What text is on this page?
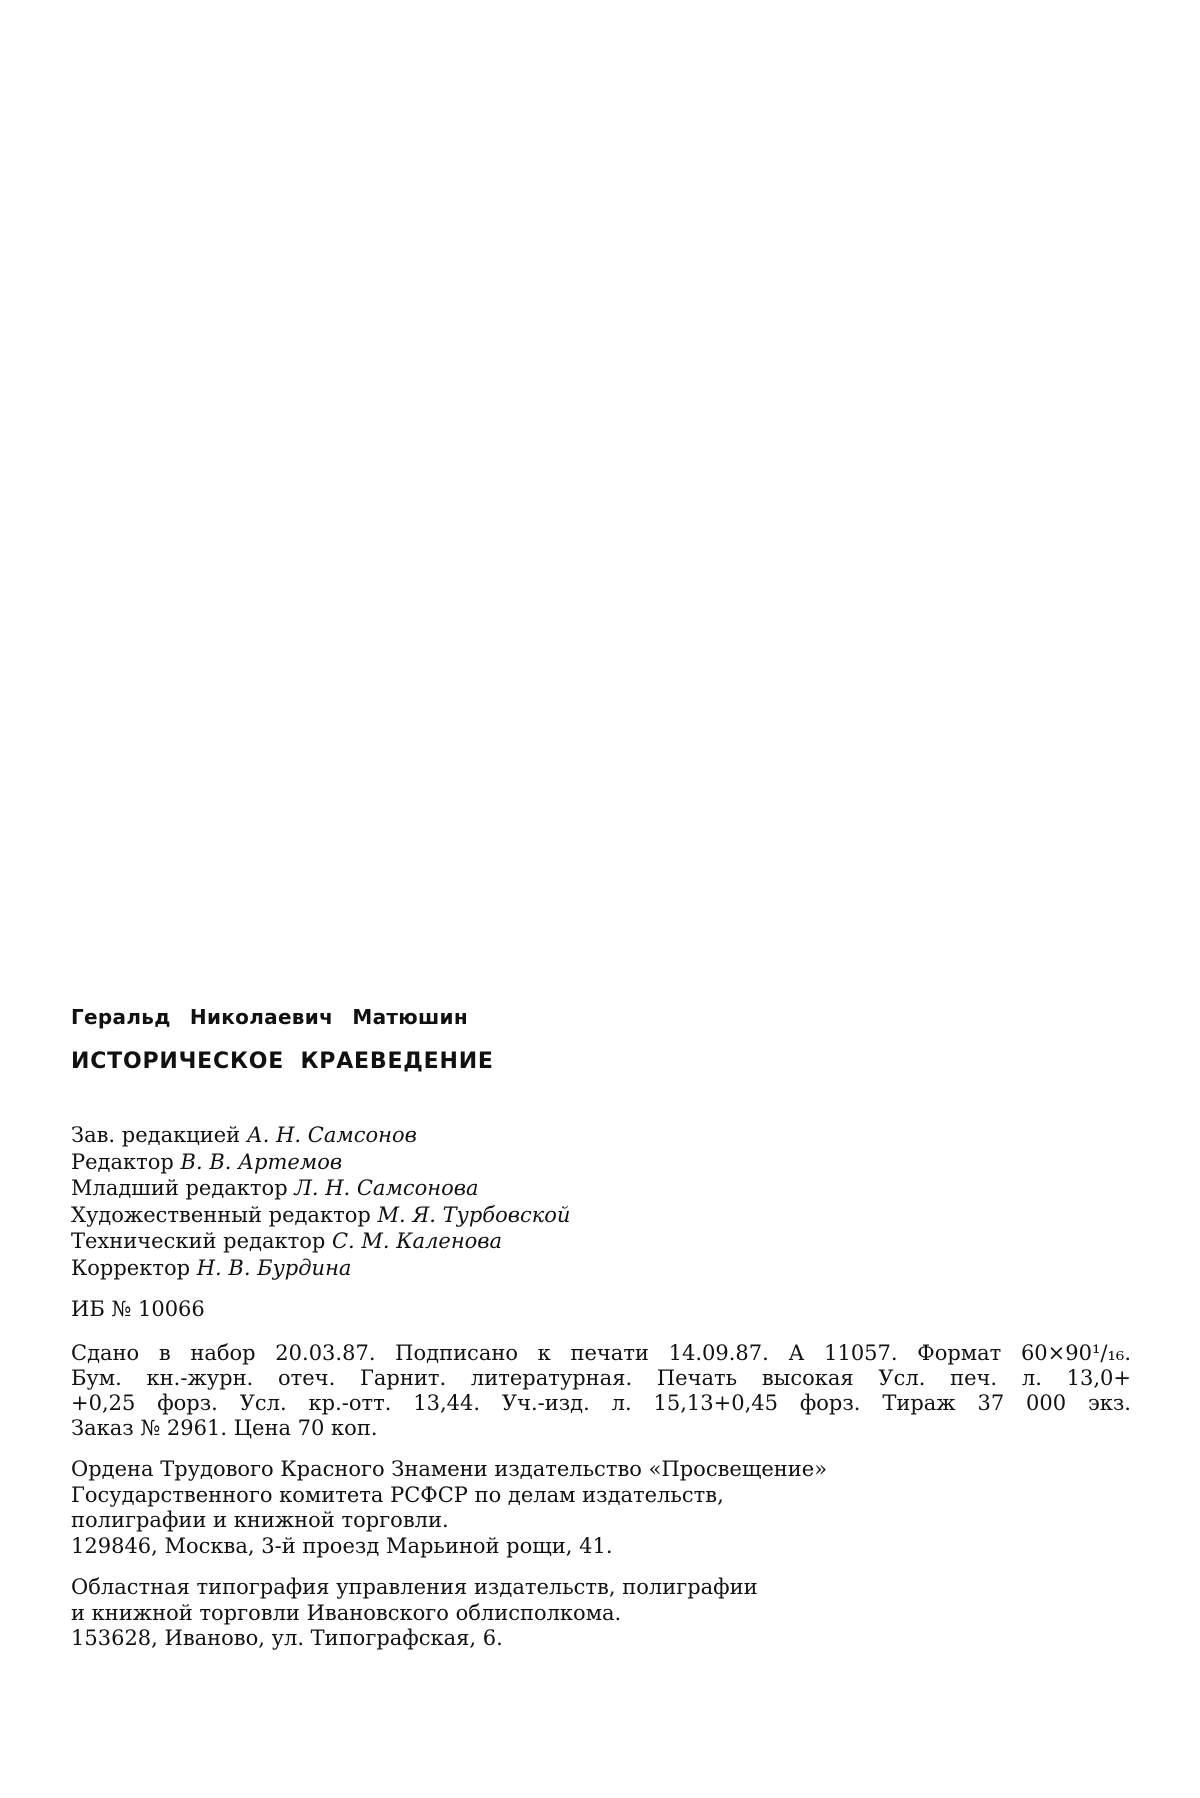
Геральд Николаевич Матюшин

ИСТОРИЧЕСКОЕ КРАЕВЕДЕНИЕ

Зав. редакцией А. Н. Самсонов
Редактор В. В. Артемов
Младший редактор Л. Н. Самсонова
Художественный редактор М. Я. Турбовской
Технический редактор С. М. Каленова
Корректор Н. В. Бурдина
ИБ № 10066
Сдано в набор 20.03.87. Подписано к печати 14.09.87. А 11057. Формат 60×90¹/₁₆.
Бум. кн.-журн. отеч. Гарнит. литературная. Печать высокая Усл. печ. л. 13,0+
+0,25 форз. Усл. кр.-отт. 13,44. Уч.-изд. л. 15,13+0,45 форз. Тираж 37 000 экз.
Заказ № 2961. Цена 70 коп.
Ордена Трудового Красного Знамени издательство «Просвещение»
Государственного комитета РСФСР по делам издательств,
полиграфии и книжной торговли.
129846, Москва, 3-й проезд Марьиной рощи, 41.
Областная типография управления издательств, полиграфии
и книжной торговли Ивановского облисполкома.
153628, Иваново, ул. Типографская, 6.
